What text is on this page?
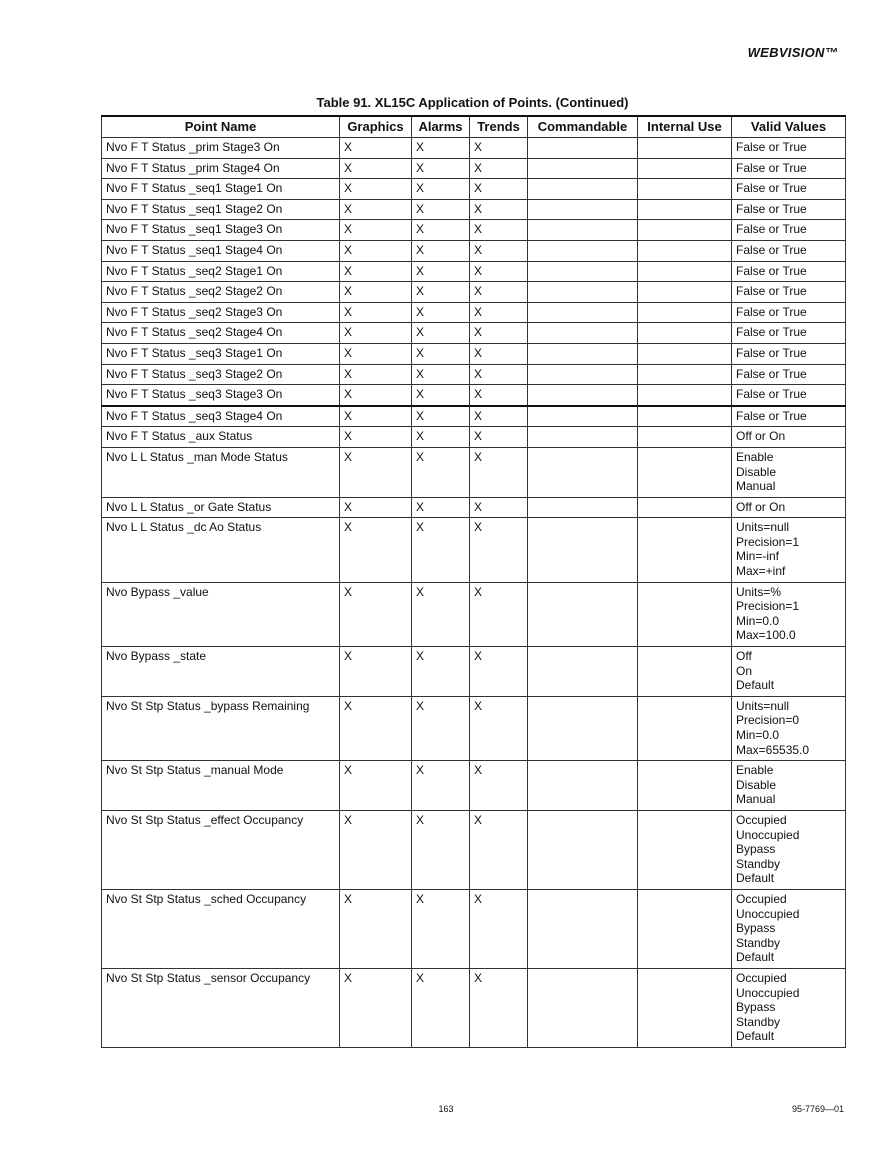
WEBVISION™
Table 91. XL15C Application of Points. (Continued)
Point Name	Graphics	Alarms	Trends	Commandable	Internal Use	Valid Values
Nvo F T Status _prim Stage3 On	X	X	X			False or True

Nvo F T Status _prim Stage4 On	X	X	X			False or True

Nvo F T Status _seq1 Stage1 On	X	X	X			False or True

Nvo F T Status _seq1 Stage2 On	X	X	X			False or True

Nvo F T Status _seq1 Stage3 On	X	X	X			False or True

Nvo F T Status _seq1 Stage4 On	X	X	X			False or True

Nvo F T Status _seq2 Stage1 On	X	X	X			False or True

Nvo F T Status _seq2 Stage2 On	X	X	X			False or True

Nvo F T Status _seq2 Stage3 On	X	X	X			False or True

Nvo F T Status _seq2 Stage4 On	X	X	X			False or True

Nvo F T Status _seq3 Stage1 On	X	X	X			False or True

Nvo F T Status _seq3 Stage2 On	X	X	X			False or True

Nvo F T Status _seq3 Stage3 On	X	X	X			False or True

Nvo F T Status _seq3 Stage4 On	X	X	X			False or True

Nvo F T Status _aux Status	X	X	X			Off or On

Nvo L L Status _man Mode Status	X	X	X			Enable
Disable
Manual

Nvo L L Status _or Gate Status	X	X	X			Off or On

Nvo L L Status _dc Ao Status	X	X	X			Units=null
Precision=1
Min=-inf
Max=+inf

Nvo Bypass _value	X	X	X			Units=%
Precision=1
Min=0.0
Max=100.0

Nvo Bypass _state	X	X	X			Off
On
Default

Nvo St Stp Status _bypass Remaining	X	X	X			Units=null
Precision=0
Min=0.0
Max=65535.0

Nvo St Stp Status _manual Mode	X	X	X			Enable
Disable
Manual

Nvo St Stp Status _effect Occupancy	X	X	X			Occupied
Unoccupied
Bypass
Standby
Default

Nvo St Stp Status _sched Occupancy	X	X	X			Occupied
Unoccupied
Bypass
Standby
Default

Nvo St Stp Status _sensor Occupancy	X	X	X			Occupied
Unoccupied
Bypass
Standby
Default
163	95-7769—01
